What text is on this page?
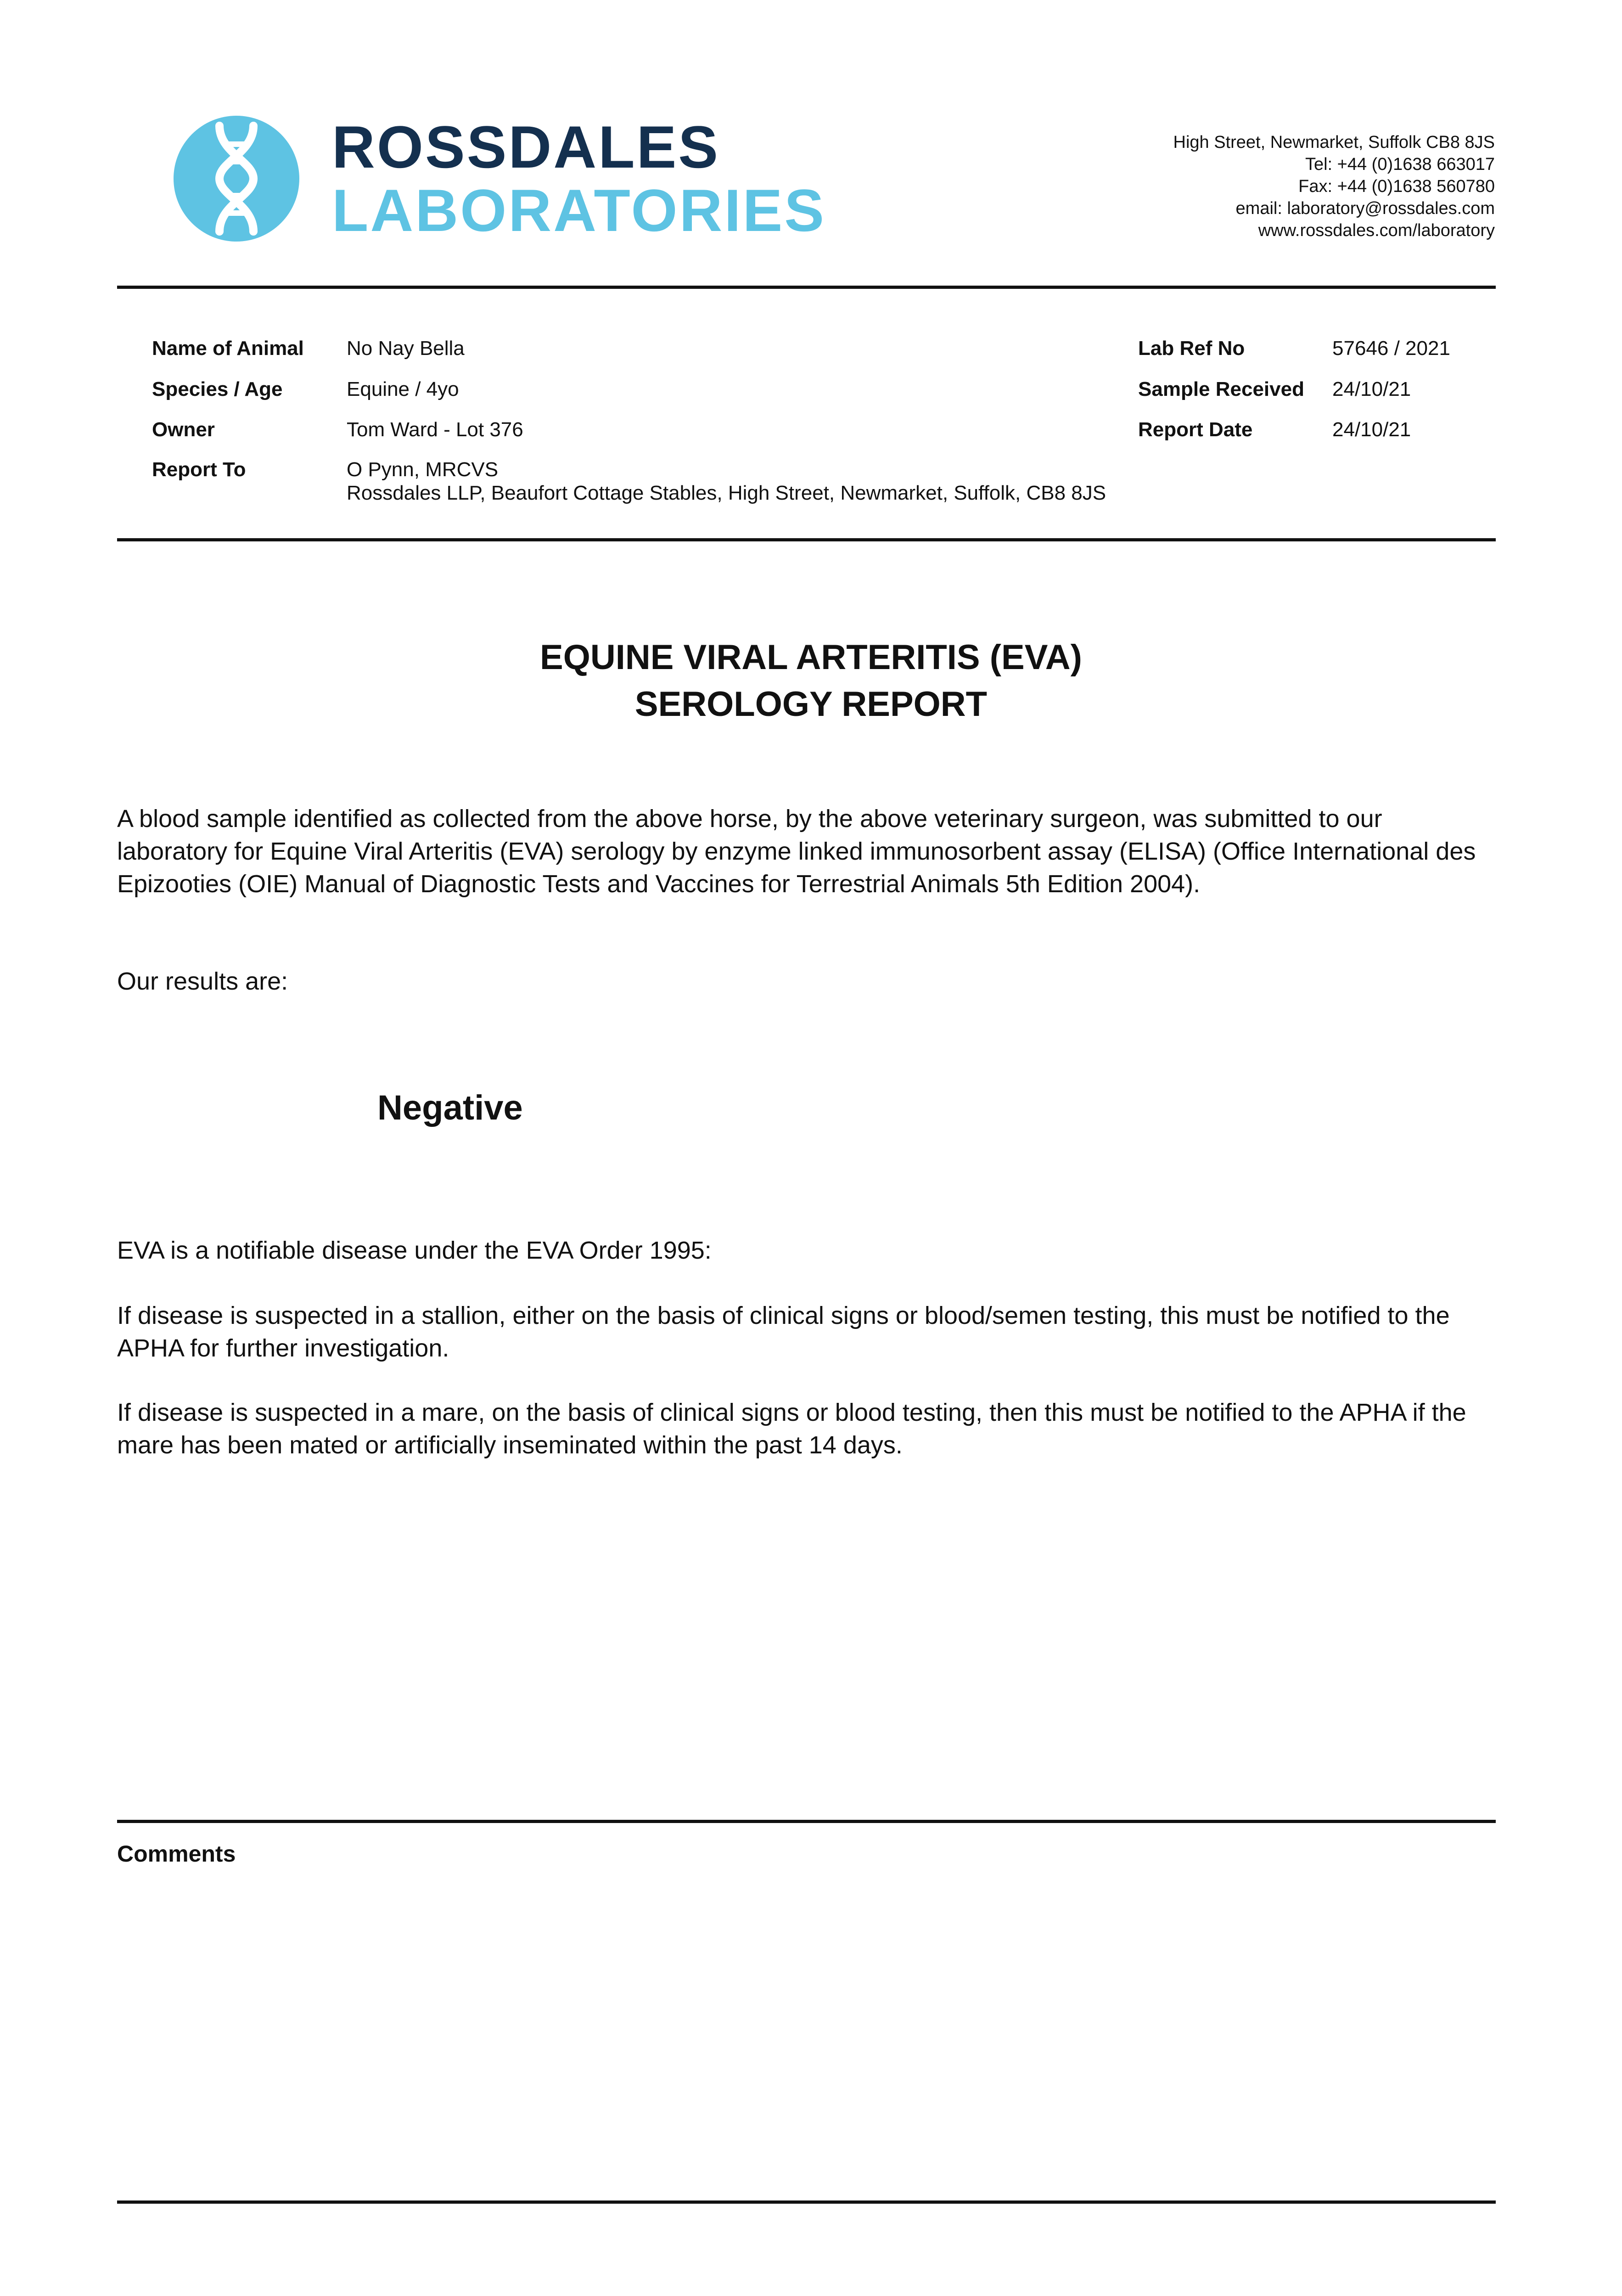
ROSSDALES
LABORATORIES
High Street, Newmarket, Suffolk CB8 8JS
Tel: +44 (0)1638 663017
Fax: +44 (0)1638 560780
email: laboratory@rossdales.com
www.rossdales.com/laboratory
Name of Animal No Nay Bella
Species / Age	Equine / 4yo
Owner	Tom Ward - Lot 376
Report To	O Pynn, MRCVS
Rossdales LLP, Beaufort Cottage Stables, High Street, Newmarket, Suffolk, CB8 8JS
Lab Ref No	57646 / 2021
Sample Received 24/10/21
Report Date	24/10/21
EQUINE VIRAL ARTERITIS (EVA)
SEROLOGY REPORT
A blood sample identified as collected from the above horse, by the above veterinary surgeon, was submitted to our laboratory for Equine Viral Arteritis (EVA) serology by enzyme linked immunosorbent assay (ELISA) (Office International des Epizooties (OIE) Manual of Diagnostic Tests and Vaccines for Terrestrial Animals 5th Edition 2004).
Our results are:
Negative
EVA is a notifiable disease under the EVA Order 1995:
If disease is suspected in a stallion, either on the basis of clinical signs or blood/semen testing, this must be notified to the APHA for further investigation.
If disease is suspected in a mare, on the basis of clinical signs or blood testing, then this must be notified to the APHA if the mare has been mated or artificially inseminated within the past 14 days.
Comments
